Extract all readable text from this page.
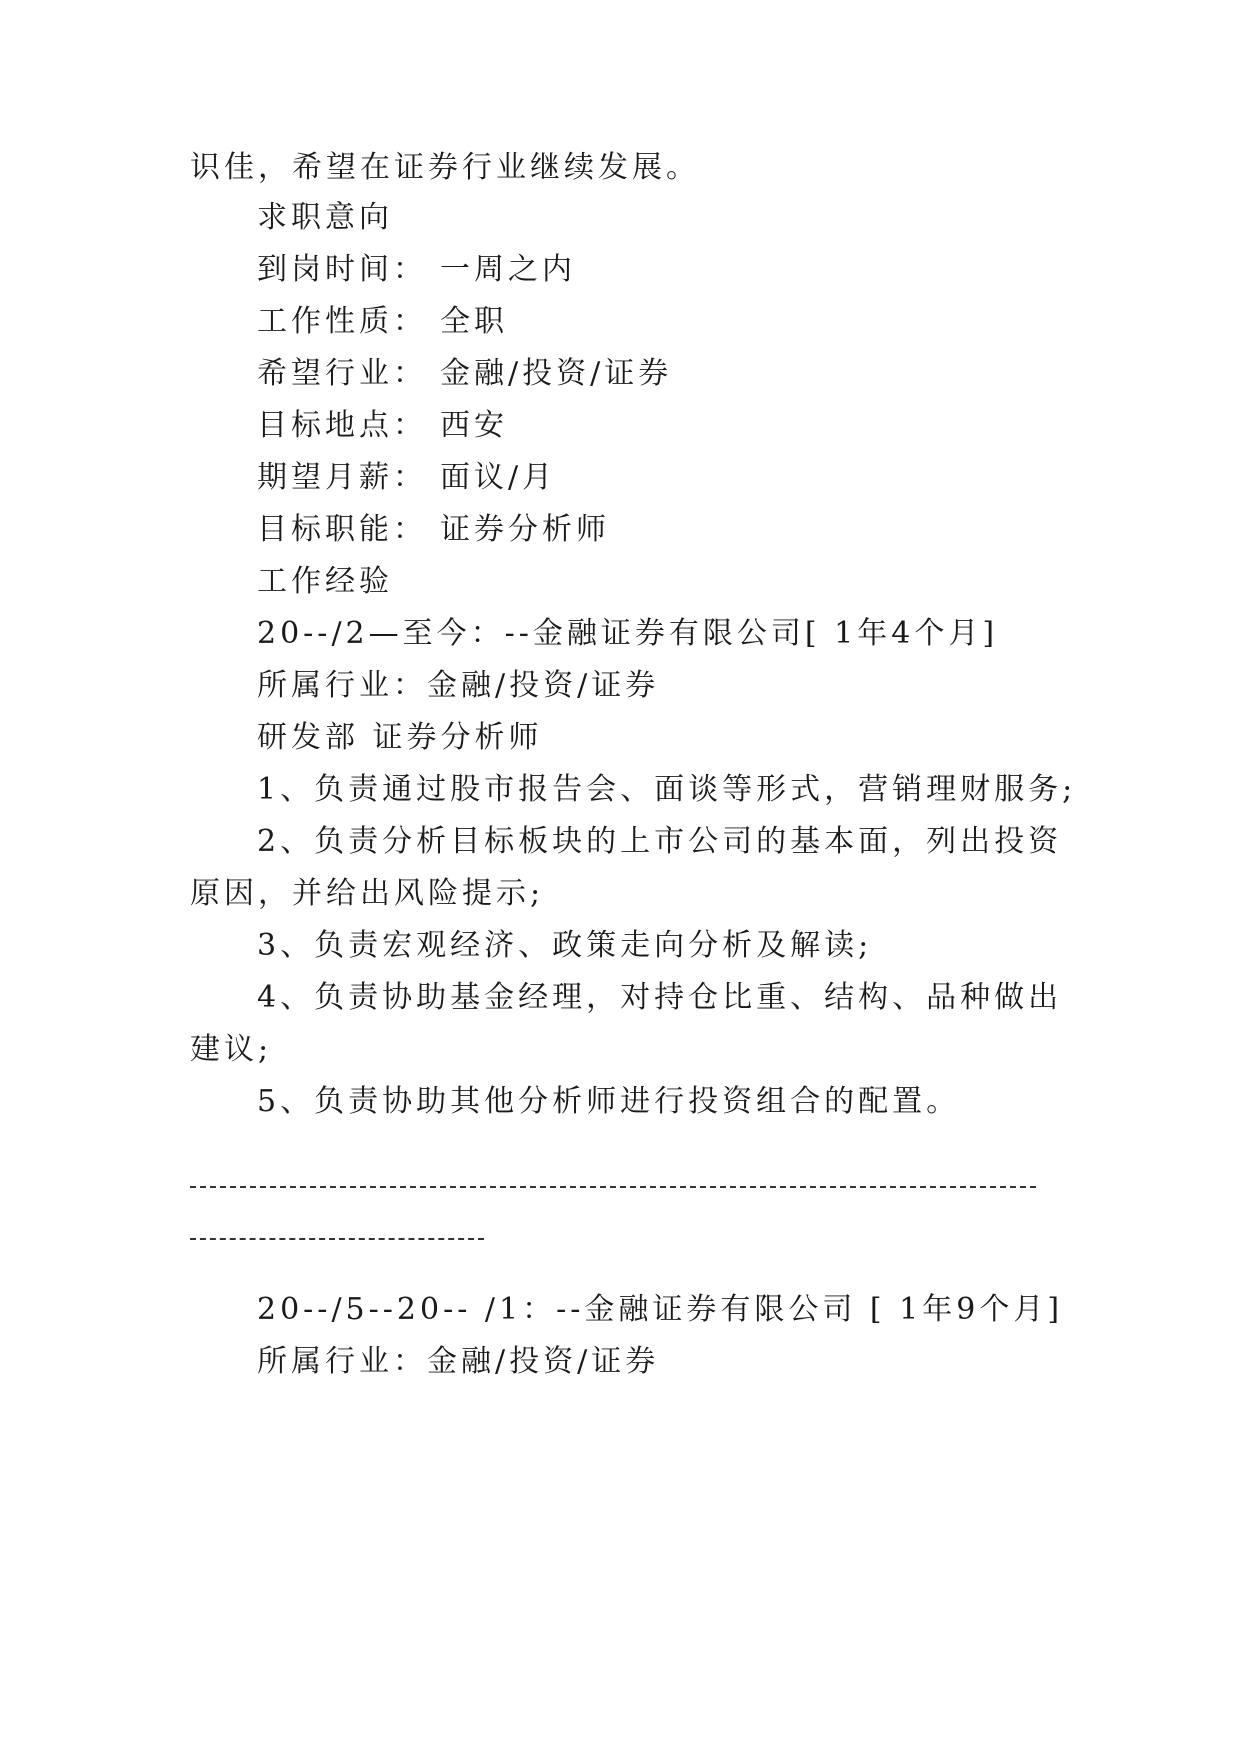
识佳，希望在证券行业继续发展。
求职意向
到岗时间： 一周之内
工作性质： 全职
希望行业： 金融/投资/证券
目标地点： 西安
期望月薪： 面议/月
目标职能： 证券分析师
工作经验
20--/2—至今：--金融证券有限公司[ 1年4个月]
所属行业：金融/投资/证券
研发部 证券分析师
1、负责通过股市报告会、面谈等形式，营销理财服务;
2、负责分析目标板块的上市公司的基本面，列出投资
原因，并给出风险提示;
3、负责宏观经济、政策走向分析及解读;
4、负责协助基金经理，对持仓比重、结构、品种做出
建议;
5、负责协助其他分析师进行投资组合的配置。
20--/5--20-- /1：--金融证券有限公司 [ 1年9个月]
所属行业：金融/投资/证券
